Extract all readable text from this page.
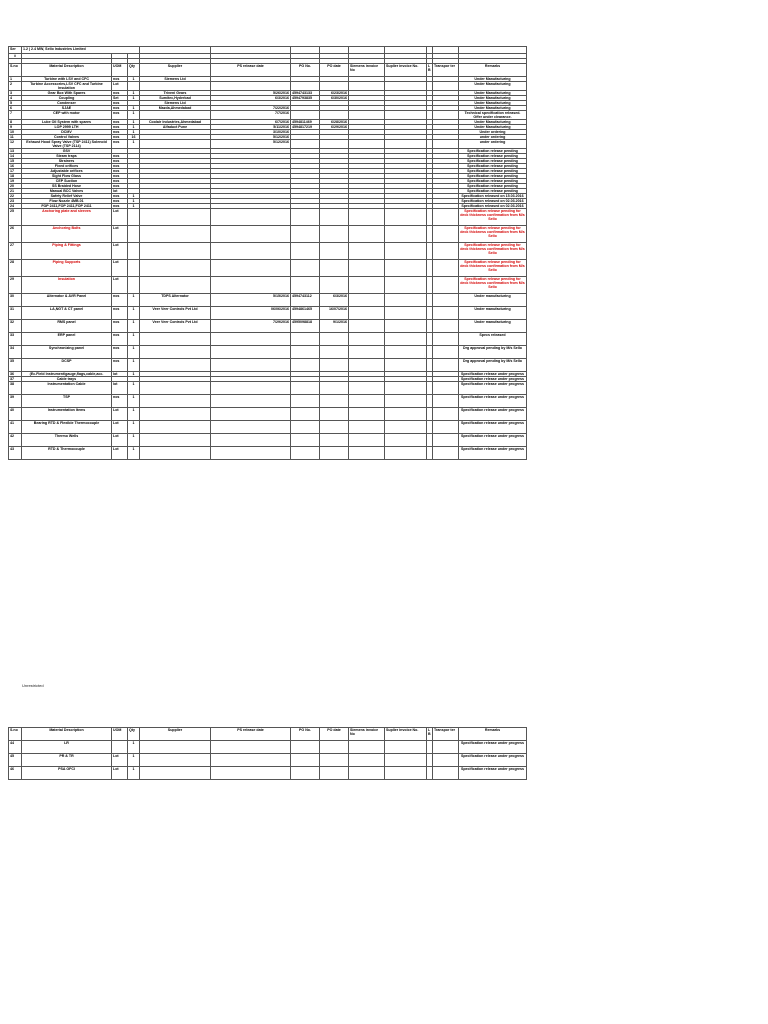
Ser	1.2 | 2.4 MW, Sello Industries Limited											
#												

S.no	Material Description	UOM	Qty	Supplier	PS release date	PO No.	PO date	Siemens invoice No	Suplier invoice No.	L B	Transpor ter	Remarks
1	Turbine with LSV and CFC	nos	1	Siemens Ltd								Under Manufacturing
2	Turbine Accessories,LSV CFC and Turbine Insulation	Lot										Under Manufacturing
3	Gear Box With Spares	nos	1	Triveni Gears	5/26/2016	4594743133	6/23/2016					Under Manufacturing
4	Coupling	Set	1	Sumitec,Hyderbad	6/3/2016	4594793835	6/30/2016					Under Manufacturing
5	Condenser	nos		Siemens Ltd								Under Manufacturing
6	SJAE	nos	1	Mazda,Ahmedabad	7/22/2016							Under Manufacturing
7	CEP with motor	nos	1		7/7/2016							Technical specification released. Offer under clearance.
8	Lube Oil System with spares	nos	1	Coolair Industries,Ahmedabad	6/7/2016	4594811469	6/28/2016					Under Manufacturing
9	LOP 2999 LTH	nos	1	Alfaduct Pune	5/11/2016	4594817219	6/29/2016					Under Manufacturing
10	DCMV	nos	1		3/10/2016							Under ordering
11	Control Valves	nos	16		5/12/2016							under ordering
12	Exhaust Hood Spray Valve (TSP 2411) Solenoid Valve (TSP 2114)	nos	1		5/12/2016							under ordering
13	GSV											Specification release pending
14	Steam traps	nos										Specification release pending
15	Strainers	nos										Specification release pending
16	Fixed orifices	nos										Specification release pending
17	Adjustable orifices	nos										Specification release pending
18	Sight Flow Glass	nos										Specification release pending
19	CEP Suction	nos										Specification release pending
20	SS Braided Hose	nos										Specification release pending
21	Manual BCC Valves	lot										Specification release pending
22	Safety Relief Valve	nos	1									Specification released on 15.03.2016
23	Flow Nozzle 4MB.01	nos	1									Specification released on 02.03.2016
24	FOP 2411,FOP 2411,FOP 2411	nos	1									Specification released on 02.03.2016
25	Anchoring plate and sleeves	Lot										Specification release pending for deck thickness confirmation from M/s Sello
26	Anchoring Bolts	Lot										Specification release pending for deck thickness confirmation from M/s Sello
27	Piping & Fittings	Lot										Specification release pending for deck thickness confirmation from M/s Sello
28	Piping Supports	Lot										Specification release pending for deck thickness confirmation from M/s Sello
29	Insulation	Lot										Specification release pending for deck thickness confirmation from M/s Sello
30	Alternator & AVR Panel	nos	1	TDPS Alternator	5/15/2016	4594743112	6/3/2016					Under manufacturing
31	LA,NGT & CT panel	nos	1	Veer Veer Controls Pvt Ltd	06/06/2016	4594861465	16/07/2016					Under manufacturing
32	RMS panel	nos	1	Veer Veer Controls Pvt Ltd	7/29/2016	4595098818	9/1/2016					Under manufacturing
33	ERP panel	nos	1									Specs released
34	Synchronizing panel	nos	1									Drg approval pending by M/s Sello
35	DCSP	nos	1									Drg approval pending by M/s Sello
36	(Ec.Field Instrument/gauge,flags,cable,acc.	lot	1									Specification release under progress
37	Cable trays											Specification release under progress
38	Instrumentation Cable	lot	1									Specification release under progress
39	TSP	nos	1									Specification release under progress
40	Instrumentation Items	Lot	1									Specification release under progress
41	Bearing RTD & Flexible Thermocouple	Lot	1									Specification release under progress
42	Thermo Wells	Lot	1									Specification release under progress
43	RTD & Thermocouple	Lot	1									Specification release under progress
Unrestricted
S.no	Material Description	UOM	Qty	Supplier	PS release date	PO No.	PO date	Siemens invoice No	Suplier invoice No.	L B	Transpor ter	Remarks
44	LR		1									Specification release under progress
45	PR & TR	Lot	1									Specification release under progress
46	PSA OFCI	Lot	1									Specification release under progress
